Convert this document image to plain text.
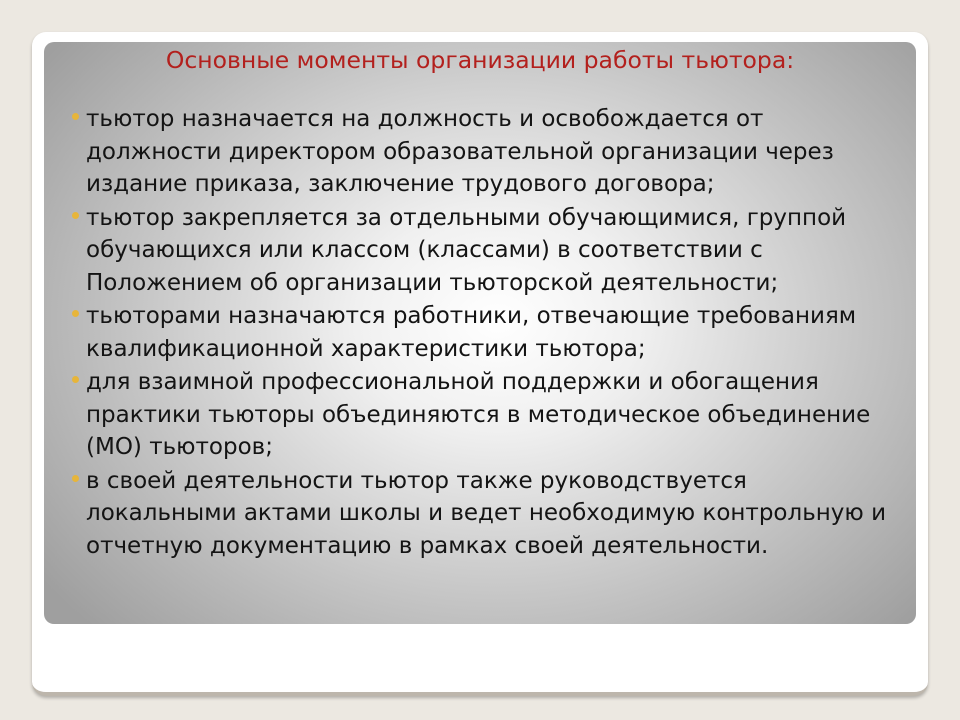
Основные моменты организации работы тьютора:
тьютор назначается на должность и освобождается от должности директором образовательной организации через издание приказа, заключение трудового договора;
тьютор закрепляется за отдельными обучающимися, группой обучающихся или классом (классами) в соответствии с Положением об организации тьюторской деятельности;
тьюторами назначаются работники, отвечающие требованиям квалификационной характеристики тьютора;
для взаимной профессиональной поддержки и обогащения практики тьюторы объединяются в методическое объединение (МО) тьюторов;
в своей деятельности тьютор также руководствуется локальными актами школы и ведет необходимую контрольную и отчетную документацию в рамках своей деятельности.
